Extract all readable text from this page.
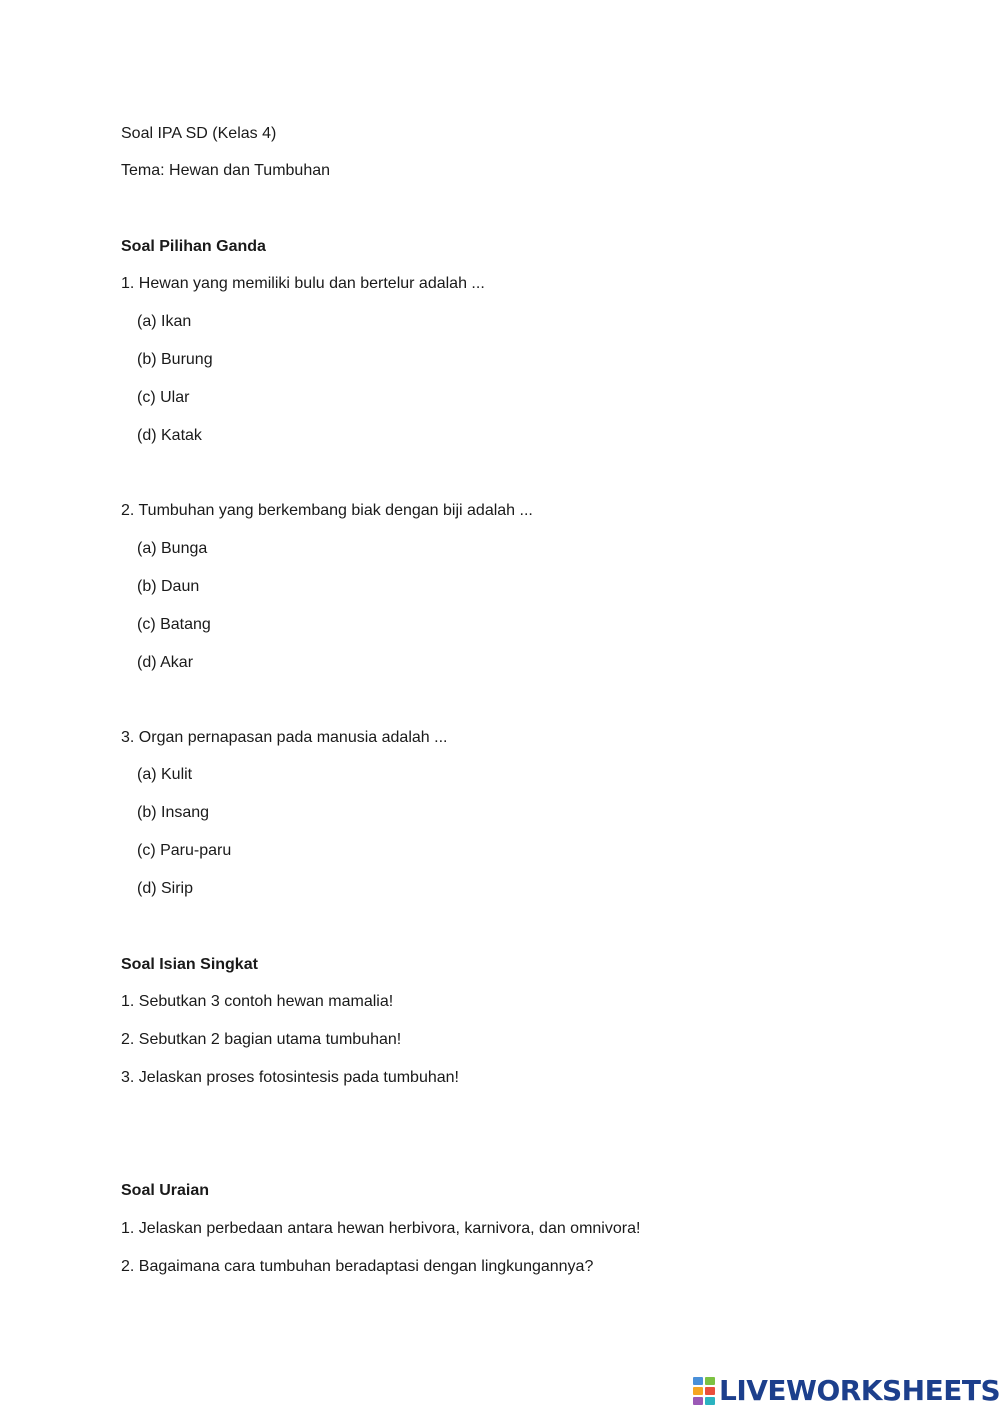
Soal IPA SD (Kelas 4)
Tema: Hewan dan Tumbuhan
Soal Pilihan Ganda
1. Hewan yang memiliki bulu dan bertelur adalah ...
(a) Ikan
(b) Burung
(c) Ular
(d) Katak
2. Tumbuhan yang berkembang biak dengan biji adalah ...
(a) Bunga
(b) Daun
(c) Batang
(d) Akar
3. Organ pernapasan pada manusia adalah ...
(a) Kulit
(b) Insang
(c) Paru-paru
(d) Sirip
Soal Isian Singkat
1. Sebutkan 3 contoh hewan mamalia!
2. Sebutkan 2 bagian utama tumbuhan!
3. Jelaskan proses fotosintesis pada tumbuhan!
Soal Uraian
1. Jelaskan perbedaan antara hewan herbivora, karnivora, dan omnivora!
2. Bagaimana cara tumbuhan beradaptasi dengan lingkungannya?
LIVEWORKSHEETS
